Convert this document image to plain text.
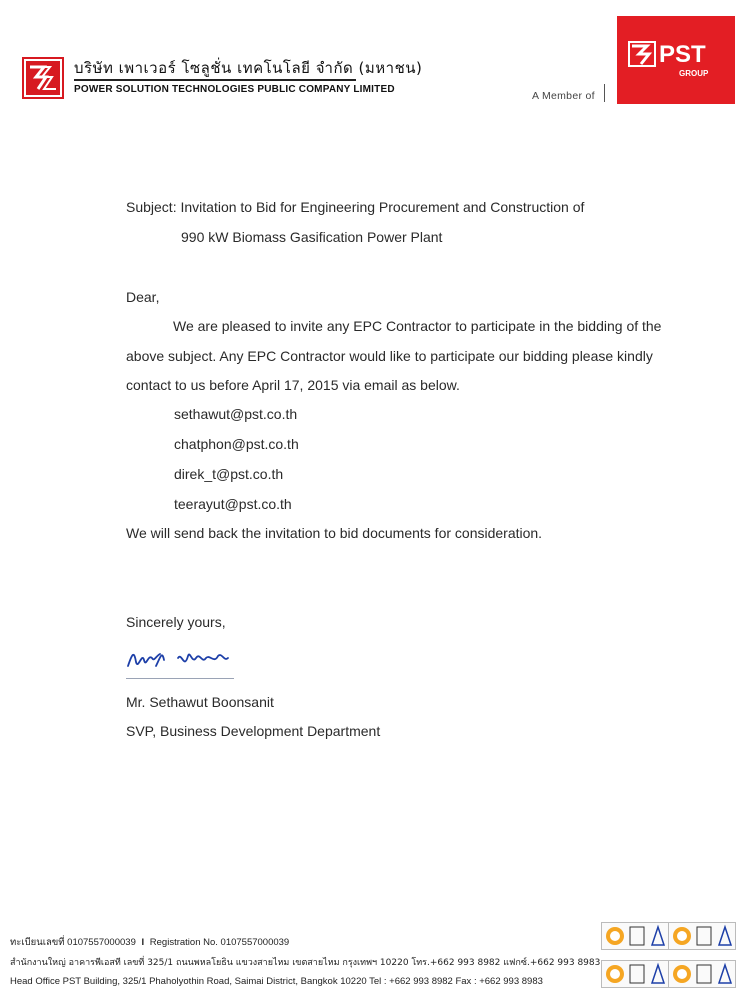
บริษัท เพาเวอร์ โซลูชั่น เทคโนโลยี จำกัด (มหาชน)
POWER SOLUTION TECHNOLOGIES PUBLIC COMPANY LIMITED
A Member of
PST
GROUP
Subject: Invitation to Bid for Engineering Procurement and Construction of
990 kW Biomass Gasification Power Plant
Dear,
We are pleased to invite any EPC Contractor to participate in the bidding of the
above subject. Any EPC Contractor would like to participate our bidding please kindly
contact to us before April 17, 2015 via email as below.
sethawut@pst.co.th
chatphon@pst.co.th
direk_t@pst.co.th
teerayut@pst.co.th
We will send back the invitation to bid documents for consideration.
Sincerely yours,
Mr. Sethawut Boonsanit
SVP, Business Development Department
ทะเบียนเลขที่ 0107557000039 I Registration No. 0107557000039
สำนักงานใหญ่ อาคารพีเอสที เลขที่ 325/1 ถนนพหลโยธิน แขวงสายไหม เขตสายไหม กรุงเทพฯ 10220 โทร.+662 993 8982 แฟกซ์.+662 993 8983
Head Office PST Building, 325/1 Phaholyothin Road, Saimai District, Bangkok 10220 Tel : +662 993 8982 Fax : +662 993 8983
